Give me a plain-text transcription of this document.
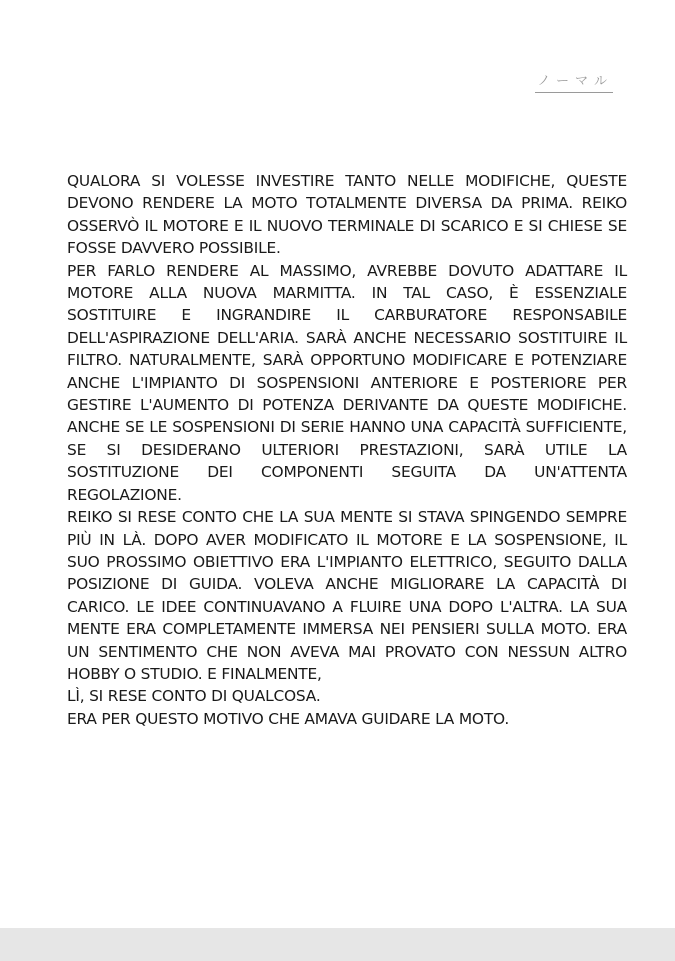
ノーマル

QUALORA SI VOLESSE INVESTIRE TANTO NELLE MODIFICHE, QUESTE DEVONO RENDERE LA MOTO TOTALMENTE DIVERSA DA PRIMA. REIKO OSSERVÒ IL MOTORE E IL NUOVO TERMINALE DI SCARICO E SI CHIESE SE FOSSE DAVVERO POSSIBILE.

PER FARLO RENDERE AL MASSIMO, AVREBBE DOVUTO ADATTARE IL MOTORE ALLA NUOVA MARMITTA. IN TAL CASO, È ESSENZIALE SOSTITUIRE E INGRANDIRE IL CARBURATORE RESPONSABILE DELL'ASPIRAZIONE DELL'ARIA. SARÀ ANCHE NECESSARIO SOSTITUIRE IL FILTRO. NATURALMENTE, SARÀ OPPORTUNO MODIFICARE E POTENZIARE ANCHE L'IMPIANTO DI SOSPENSIONI ANTERIORE E POSTERIORE PER GESTIRE L'AUMENTO DI POTENZA DERIVANTE DA QUESTE MODIFICHE. ANCHE SE LE SOSPENSIONI DI SERIE HANNO UNA CAPACITÀ SUFFICIENTE, SE SI DESIDERANO ULTERIORI PRESTAZIONI, SARÀ UTILE LA SOSTITUZIONE DEI COMPONENTI SEGUITA DA UN'ATTENTA REGOLAZIONE.

REIKO SI RESE CONTO CHE LA SUA MENTE SI STAVA SPINGENDO SEMPRE PIÙ IN LÀ. DOPO AVER MODIFICATO IL MOTORE E LA SOSPENSIONE, IL SUO PROSSIMO OBIETTIVO ERA L'IMPIANTO ELETTRICO, SEGUITO DALLA POSIZIONE DI GUIDA. VOLEVA ANCHE MIGLIORARE LA CAPACITÀ DI CARICO. LE IDEE CONTINUAVANO A FLUIRE UNA DOPO L'ALTRA. LA SUA MENTE ERA COMPLETAMENTE IMMERSA NEI PENSIERI SULLA MOTO. ERA UN SENTIMENTO CHE NON AVEVA MAI PROVATO CON NESSUN ALTRO HOBBY O STUDIO. E FINALMENTE,

LÌ, SI RESE CONTO DI QUALCOSA.

ERA PER QUESTO MOTIVO CHE AMAVA GUIDARE LA MOTO.
